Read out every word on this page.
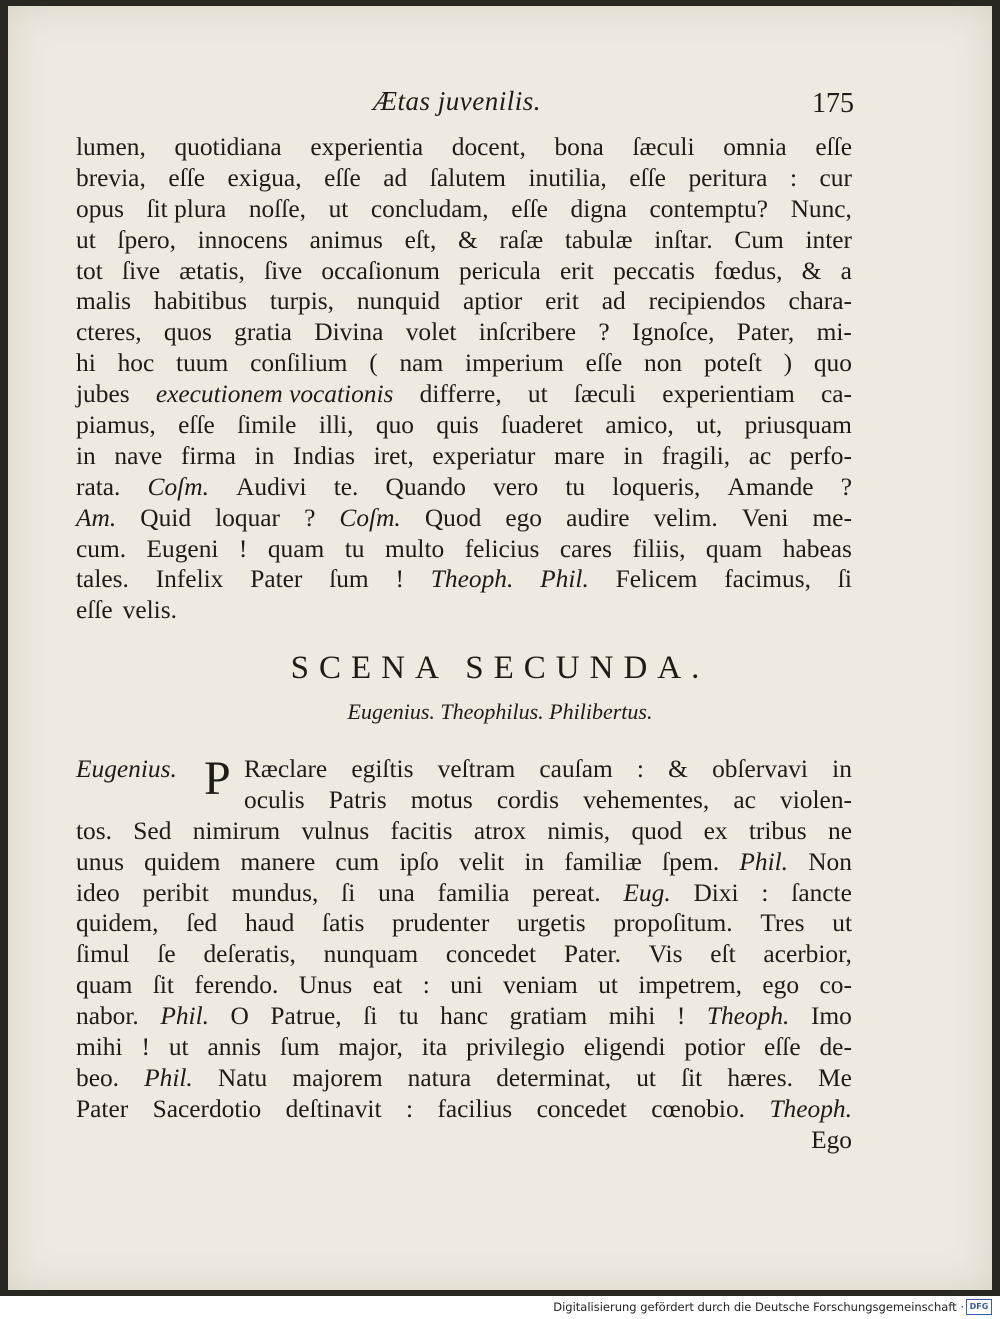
Ætas juvenilis.	175
lumen, quotidiana experientia docent, bona ſæculi omnia eſſe
brevia, eſſe exigua, eſſe ad ſalutem inutilia, eſſe peritura : cur
opus ſit plura noſſe, ut concludam, eſſe digna contemptu? Nunc,
ut ſpero, innocens animus eſt, & raſæ tabulæ inſtar. Cum inter
tot ſive ætatis, ſive occaſionum pericula erit peccatis fœdus, & a
malis habitibus turpis, nunquid aptior erit ad recipiendos chara-
cteres, quos gratia Divina volet inſcribere ? Ignoſce, Pater, mi-
hi hoc tuum conſilium ( nam imperium eſſe non poteſt ) quo
jubes executionem vocationis differre, ut ſæculi experientiam ca-
piamus, eſſe ſimile illi, quo quis ſuaderet amico, ut, priusquam
in nave firma in Indias iret, experiatur mare in fragili, ac perfo-
rata. Coſm. Audivi te. Quando vero tu loqueris, Amande ?
Am. Quid loquar ? Coſm. Quod ego audire velim. Veni me-
cum. Eugeni ! quam tu multo felicius cares filiis, quam habeas
tales. Infelix Pater ſum ! Theoph. Phil. Felicem facimus, ſi
eſſe velis.
SCENA SECUNDA.
Eugenius. Theophilus. Philibertus.
Eugenius. P Ræclare egiſtis veſtram cauſam : & obſervavi in
oculis Patris motus cordis vehementes, ac violen-
tos. Sed nimirum vulnus facitis atrox nimis, quod ex tribus ne
unus quidem manere cum ipſo velit in familiæ ſpem. Phil. Non
ideo peribit mundus, ſi una familia pereat. Eug. Dixi : ſancte
quidem, ſed haud ſatis prudenter urgetis propoſitum. Tres ut
ſimul ſe deſeratis, nunquam concedet Pater. Vis eſt acerbior,
quam ſit ferendo. Unus eat : uni veniam ut impetrem, ego co-
nabor. Phil. O Patrue, ſi tu hanc gratiam mihi ! Theoph. Imo
mihi ! ut annis ſum major, ita privilegio eligendi potior eſſe de-
beo. Phil. Natu majorem natura determinat, ut ſit hæres. Me
Pater Sacerdotio deſtinavit : facilius concedet cœnobio. Theoph.
Ego
Digitalisierung gefördert durch die Deutsche Forschungsgemeinschaft · DFG
